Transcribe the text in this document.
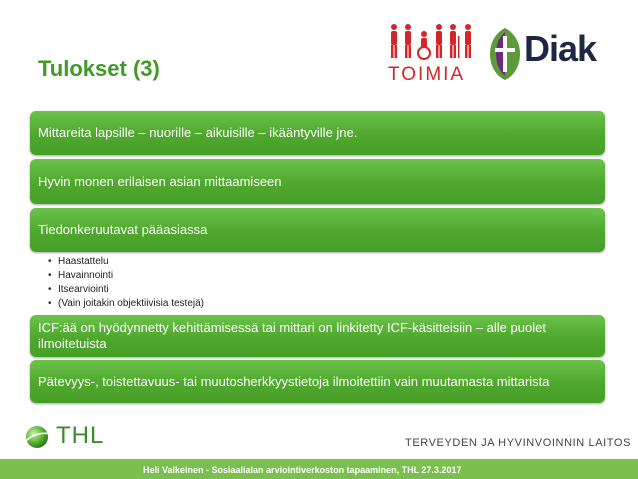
Tulokset (3)	TOIMIA
Diak
Mittareita lapsille – nuorille – aikuisille – ikääntyville jne.
Hyvin monen erilaisen asian mittaamiseen
Tiedonkeruutavat pääasiassa
• Haastattelu
• Havainnointi
• Itsearviointi
• (Vain joitakin objektiivisia testejä)
ICF:ää on hyödynnetty kehittämisessä tai mittari on linkitetty ICF-käsitteisiin – alle puolet ilmoitetuista
Pätevyys-, toistettavuus- tai muutosherkkyystietoja ilmoitettiin vain muutamasta mittarista
THL	TERVEYDEN JA HYVINVOINNIN LAITOS
Heli Valkeinen - Sosiaalialan arviointiverkoston tapaaminen, THL 27.3.2017
